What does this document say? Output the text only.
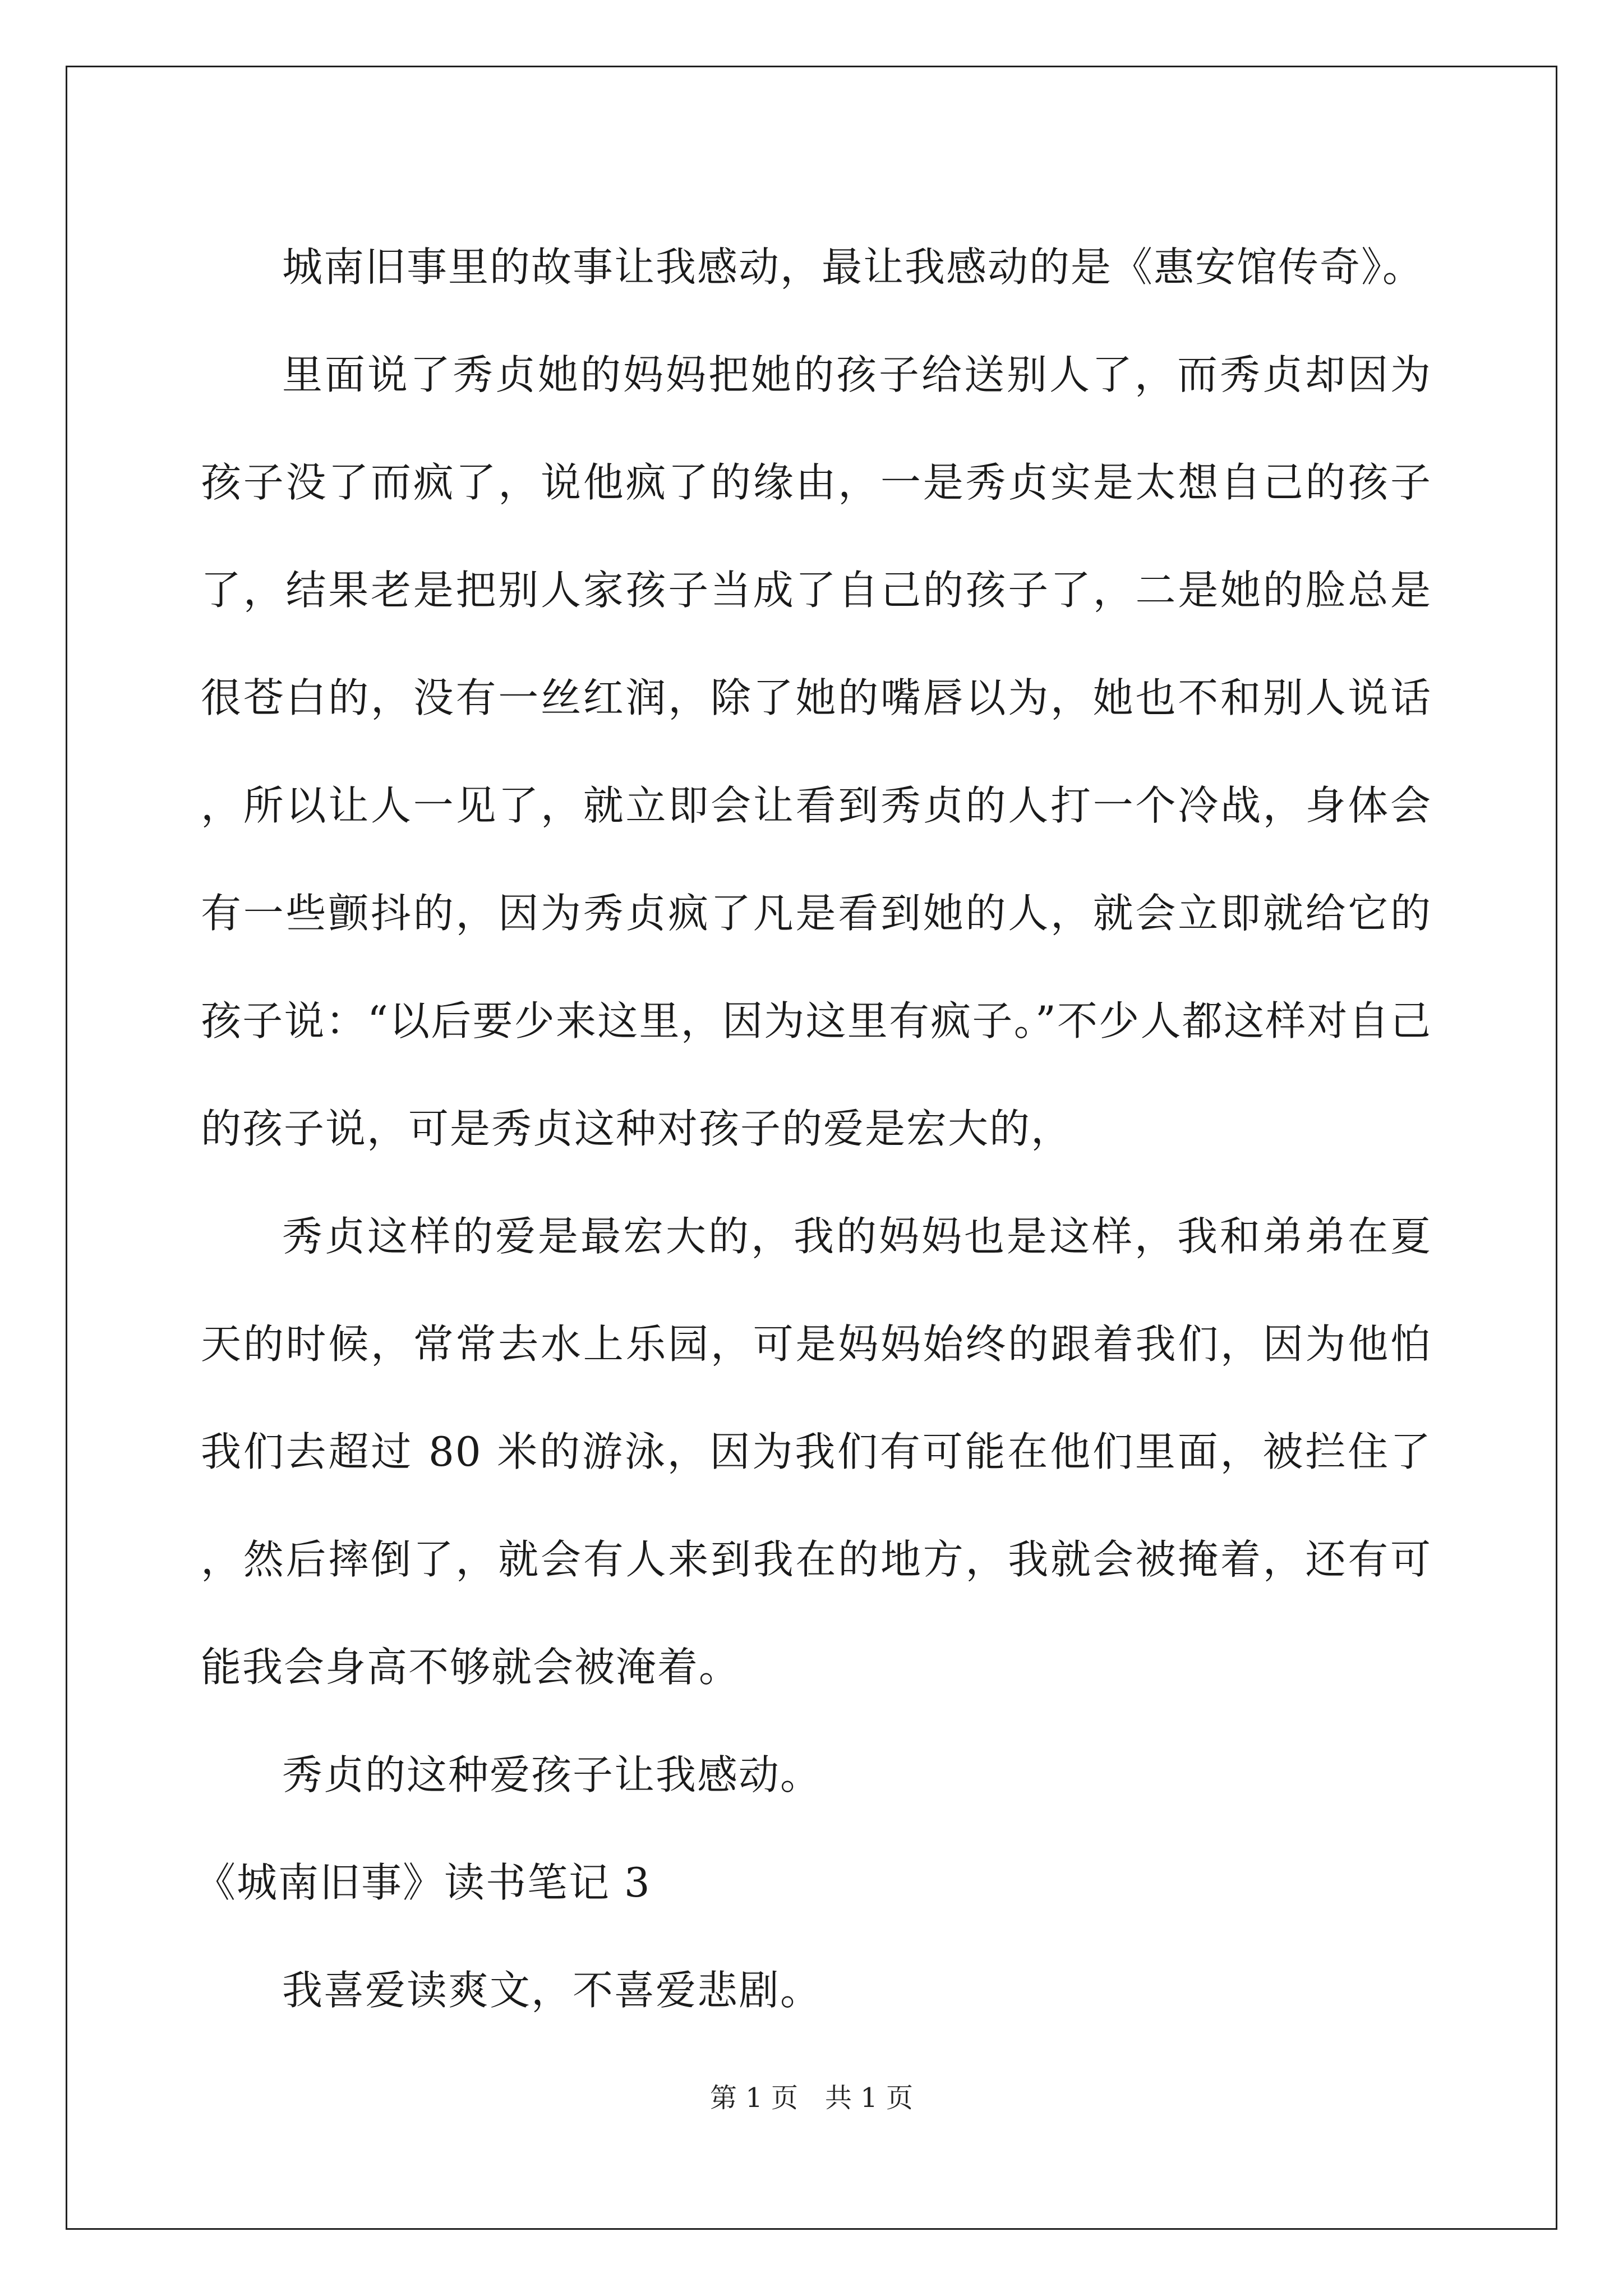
城南旧事里的故事让我感动，最让我感动的是《惠安馆传奇》。

里面说了秀贞她的妈妈把她的孩子给送别人了，而秀贞却因为孩子没了而疯了，说他疯了的缘由，一是秀贞实是太想自己的孩子了，结果老是把别人家孩子当成了自己的孩子了，二是她的脸总是很苍白的，没有一丝红润，除了她的嘴唇以为，她也不和别人说话，所以让人一见了，就立即会让看到秀贞的人打一个冷战，身体会有一些颤抖的，因为秀贞疯了凡是看到她的人，就会立即就给它的孩子说：“以后要少来这里，因为这里有疯子。”不少人都这样对自己的孩子说，可是秀贞这种对孩子的爱是宏大的，

秀贞这样的爱是最宏大的，我的妈妈也是这样，我和弟弟在夏天的时候，常常去水上乐园，可是妈妈始终的跟着我们，因为他怕我们去超过 80 米的游泳，因为我们有可能在他们里面，被拦住了，然后摔倒了，就会有人来到我在的地方，我就会被掩着，还有可能我会身高不够就会被淹着。

秀贞的这种爱孩子让我感动。

《城南旧事》读书笔记 3

我喜爱读爽文，不喜爱悲剧。

第 1 页　共 1 页
